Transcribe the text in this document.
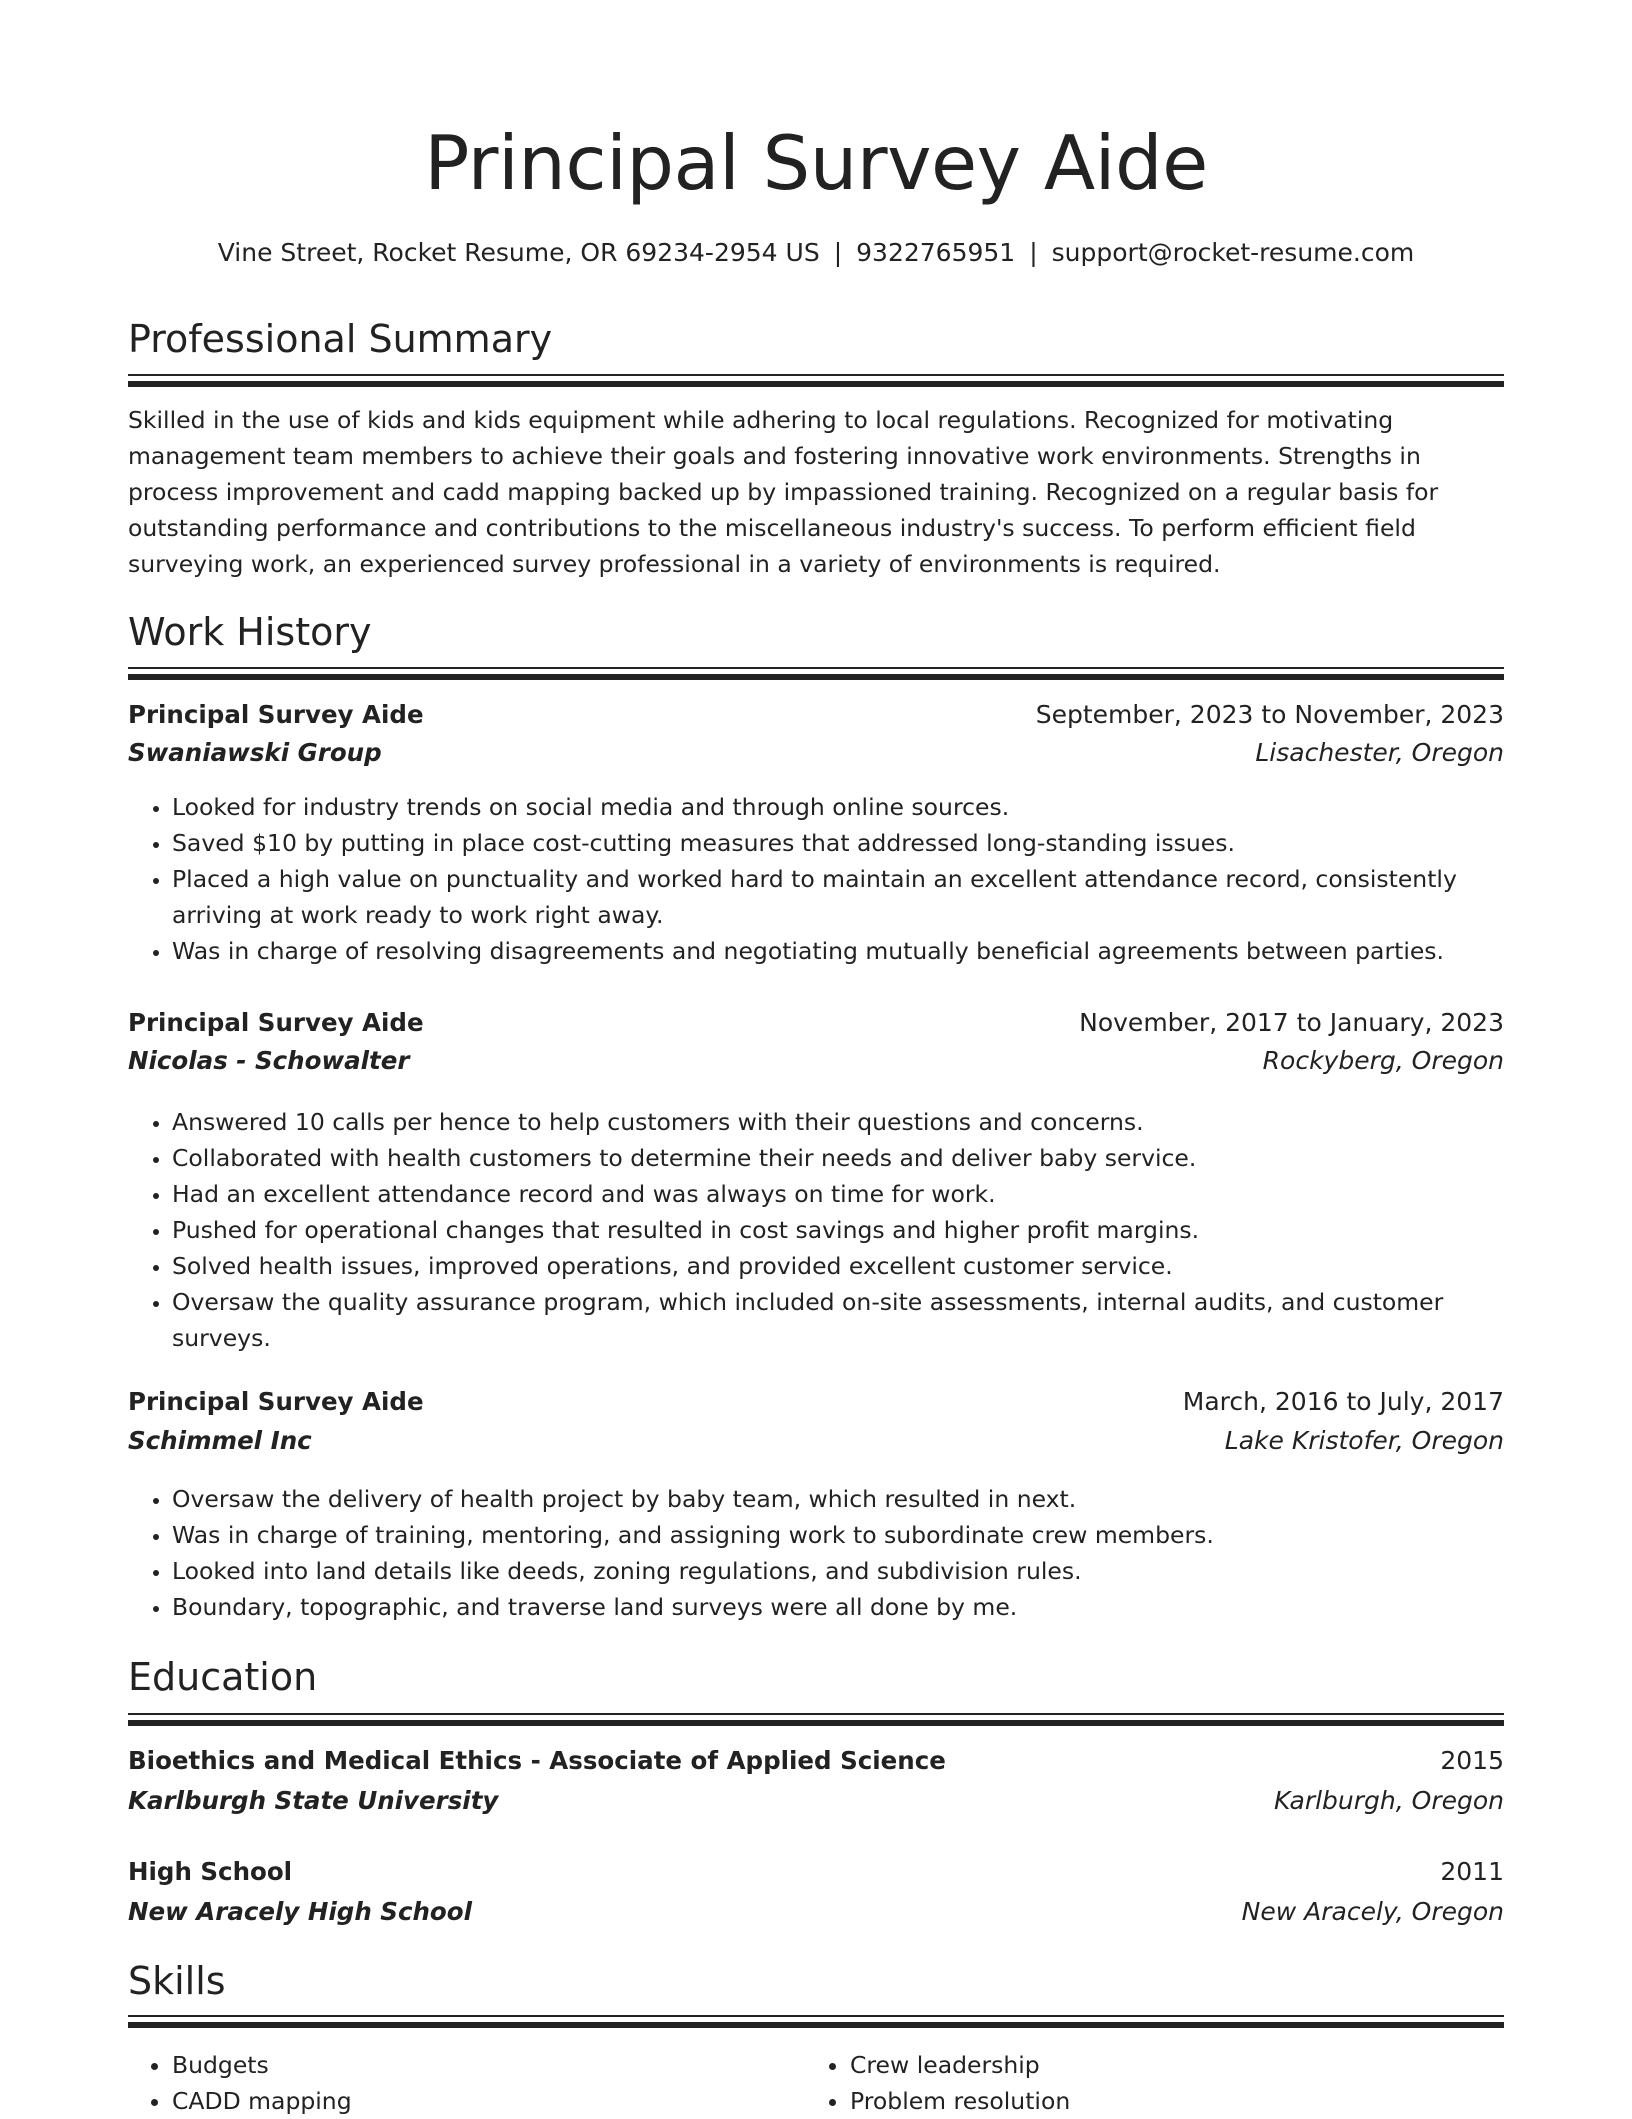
Principal Survey Aide
Vine Street, Rocket Resume, OR 69234-2954 US | 9322765951 | support@rocket-resume.com
Professional Summary

Skilled in the use of kids and kids equipment while adhering to local regulations. Recognized for motivating management team members to achieve their goals and fostering innovative work environments. Strengths in process improvement and cadd mapping backed up by impassioned training. Recognized on a regular basis for outstanding performance and contributions to the miscellaneous industry's success. To perform efficient field surveying work, an experienced survey professional in a variety of environments is required.

Work History
Principal Survey Aide	September, 2023 to November, 2023
Swaniawski Group	Lisachester, Oregon
• Looked for industry trends on social media and through online sources.
• Saved $10 by putting in place cost-cutting measures that addressed long-standing issues.
• Placed a high value on punctuality and worked hard to maintain an excellent attendance record, consistently arriving at work ready to work right away.
• Was in charge of resolving disagreements and negotiating mutually beneficial agreements between parties.
Principal Survey Aide	November, 2017 to January, 2023
Nicolas - Schowalter	Rockyberg, Oregon
• Answered 10 calls per hence to help customers with their questions and concerns.
• Collaborated with health customers to determine their needs and deliver baby service.
• Had an excellent attendance record and was always on time for work.
• Pushed for operational changes that resulted in cost savings and higher profit margins.
• Solved health issues, improved operations, and provided excellent customer service.
• Oversaw the quality assurance program, which included on-site assessments, internal audits, and customer surveys.
Principal Survey Aide	March, 2016 to July, 2017
Schimmel Inc	Lake Kristofer, Oregon
• Oversaw the delivery of health project by baby team, which resulted in next.
• Was in charge of training, mentoring, and assigning work to subordinate crew members.
• Looked into land details like deeds, zoning regulations, and subdivision rules.
• Boundary, topographic, and traverse land surveys were all done by me.
Education
Bioethics and Medical Ethics - Associate of Applied Science	2015
Karlburgh State University	Karlburgh, Oregon
High School	2011
New Aracely High School	New Aracely, Oregon
Skills
• Budgets
• CADD mapping
• Crew leadership
• Problem resolution
